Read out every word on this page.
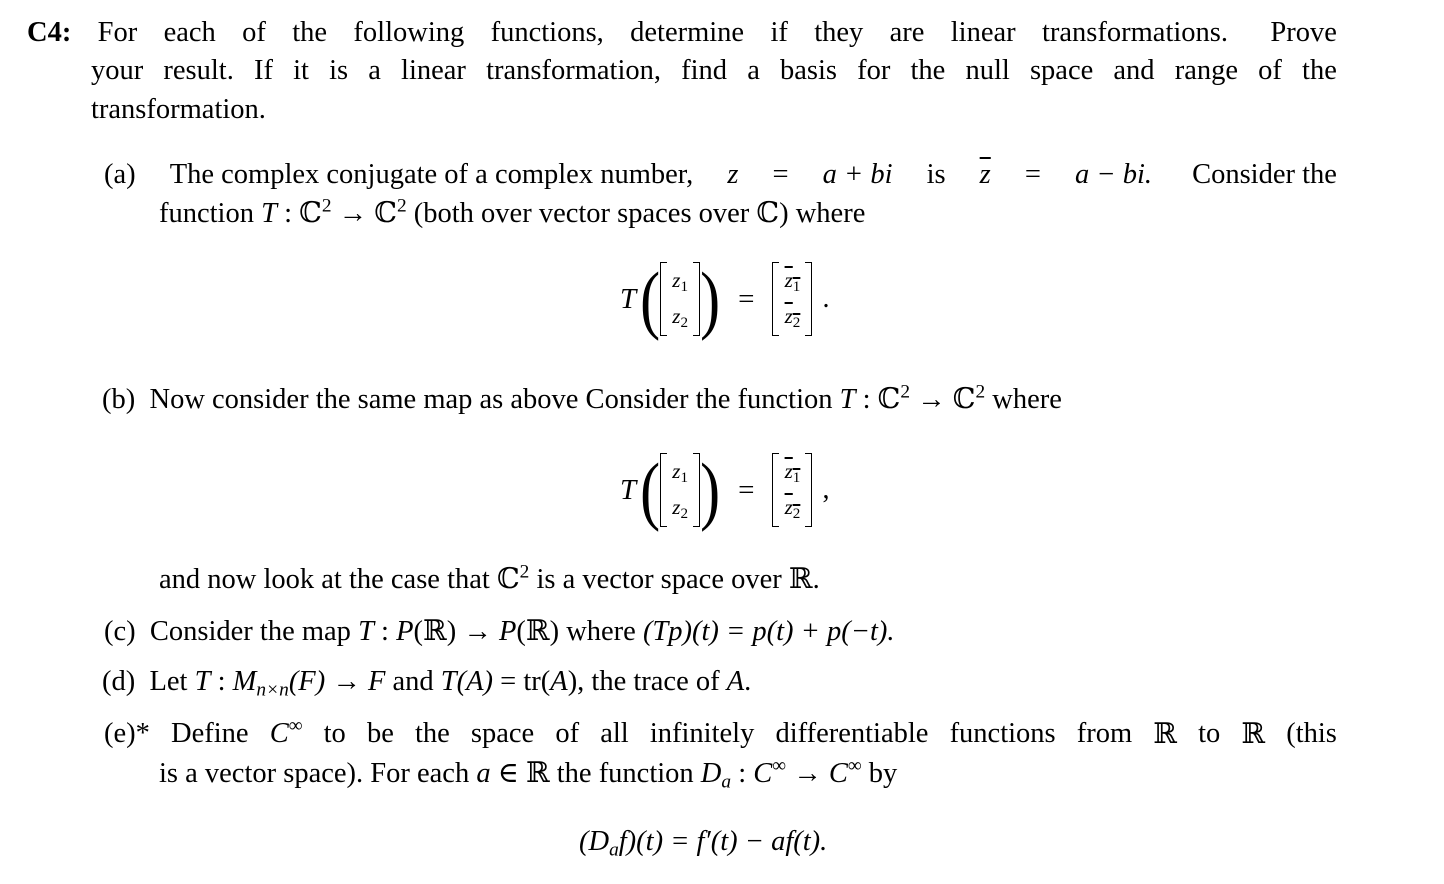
C4: For each of the following functions, determine if they are linear transformations. Prove
your result. If it is a linear transformation, find a basis for the null space and range of the
transformation.
(a) The complex conjugate of a complex number, z = a + bi is $\overline{z} = a$ − bi. Consider the
function T : ℂ$^2$ → ℂ$^2$ (both over vector spaces over ℂ) where
T ( $z_1$
$z_2$ ) =
$z_1$
$z_2$
.
(b) Now consider the same map as above Consider the function T : ℂ$^2$ → ℂ$^2$ where
T ( $z_1$
$z_2$ ) =
$z_1$
$z_2$
,
and now look at the case that ℂ$^2$ is a vector space over ℝ.
(c) Consider the map T : P(ℝ) → P(ℝ) where (Tp)(t) = p(t) + p(−t).
(d) Let T : $M_{n\times n}(F) \to F$ and T(A) = tr(A), the trace of A.
(e)* Define C∞ to be the space of all infinitely differentiable functions from ℝ to ℝ (this
is a vector space). For each a ∈ ℝ the function $D_a$ : C∞ → C∞ by
$(D_af)(t) = f'(t) - af(t)$.
